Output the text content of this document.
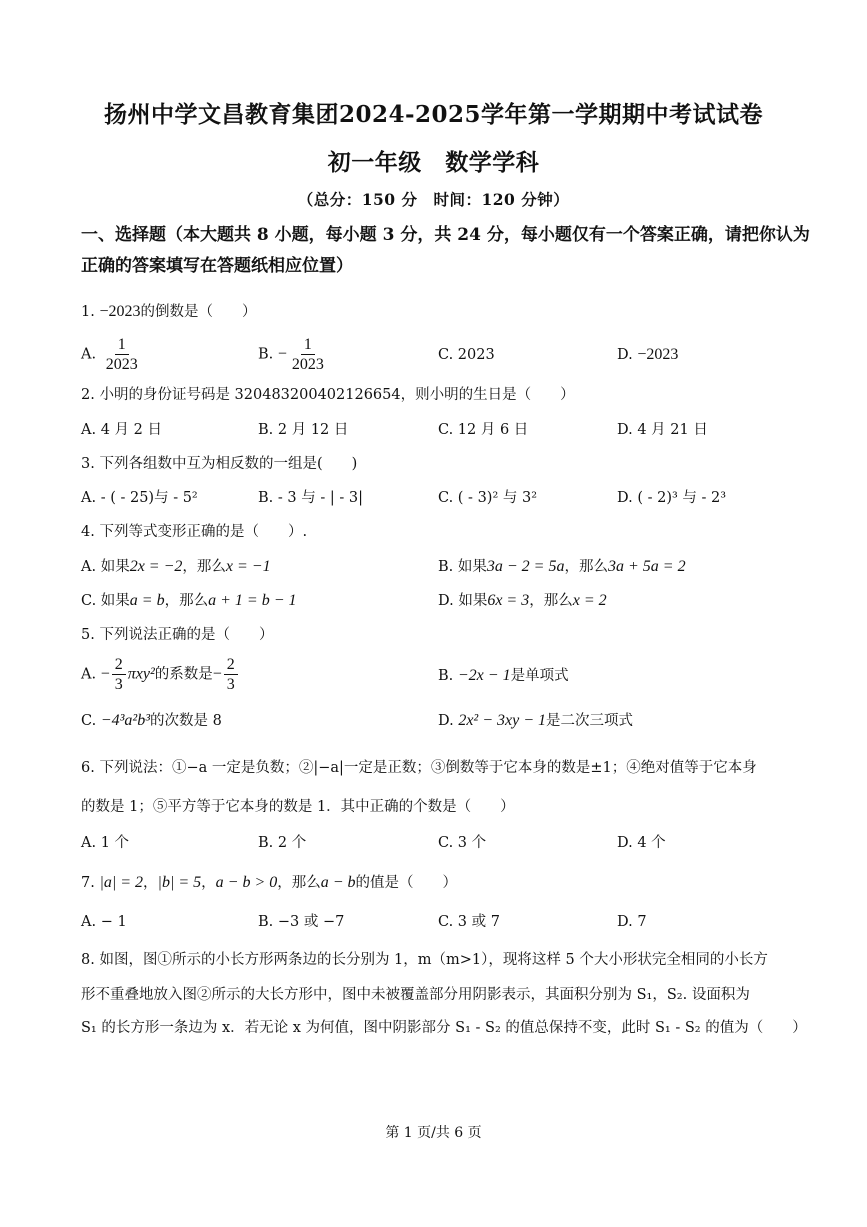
扬州中学文昌教育集团2024-2025学年第一学期期中考试试卷
初一年级　数学学科
（总分：150 分　时间：120 分钟）
一、选择题（本大题共 8 小题，每小题 3 分，共 24 分，每小题仅有一个答案正确，请把你认为正确的答案填写在答题纸相应位置）
1. −2023的倒数是（　　）
A. $\frac{1}{2023}$	B. − $\frac{1}{2023}$	C. 2023	D. −2023
2. 小明的身份证号码是 320483200402126654，则小明的生日是（　　）
A. 4 月 2 日	B. 2 月 12 日	C. 12 月 6 日	D. 4 月 21 日
3. 下列各组数中互为相反数的一组是(　　)
A. - ( - 25)与 - 5²	B. - 3 与 - | - 3|	C. ( - 3)² 与 3²	D. ( - 2)³ 与 - 2³
4. 下列等式变形正确的是（　　）.
A. 如果2x = −2，那么x = −1	B. 如果3a − 2 = 5a，那么3a + 5a = 2
C. 如果a = b，那么a + 1 = b − 1	D. 如果6x = 3，那么x = 2
5. 下列说法正确的是（　　）
A. − $\frac{2}{3} \pi xy^2$的系数是− $\frac{2}{3}$	B. −2x − 1是单项式
C. −4³a²b³的次数是 8	D. 2x² − 3xy − 1是二次三项式
6. 下列说法：①−a 一定是负数；②|−a|一定是正数；③倒数等于它本身的数是±1；④绝对值等于它本身
的数是 1；⑤平方等于它本身的数是 1．其中正确的个数是（　　）
A. 1 个	B. 2 个	C. 3 个	D. 4 个
7. |a| = 2，|b| = 5，a − b > 0，那么a − b的值是（　　）
A. − 1	B. −3 或 −7	C. 3 或 7	D. 7
8. 如图，图①所示的小长方形两条边的长分别为 1，m（m>1），现将这样 5 个大小形状完全相同的小长方
形不重叠地放入图②所示的大长方形中，图中未被覆盖部分用阴影表示，其面积分别为 S₁，S₂. 设面积为
S₁ 的长方形一条边为 x．若无论 x 为何值，图中阴影部分 S₁ - S₂ 的值总保持不变，此时 S₁ - S₂ 的值为（　　）
第 1 页/共 6 页
